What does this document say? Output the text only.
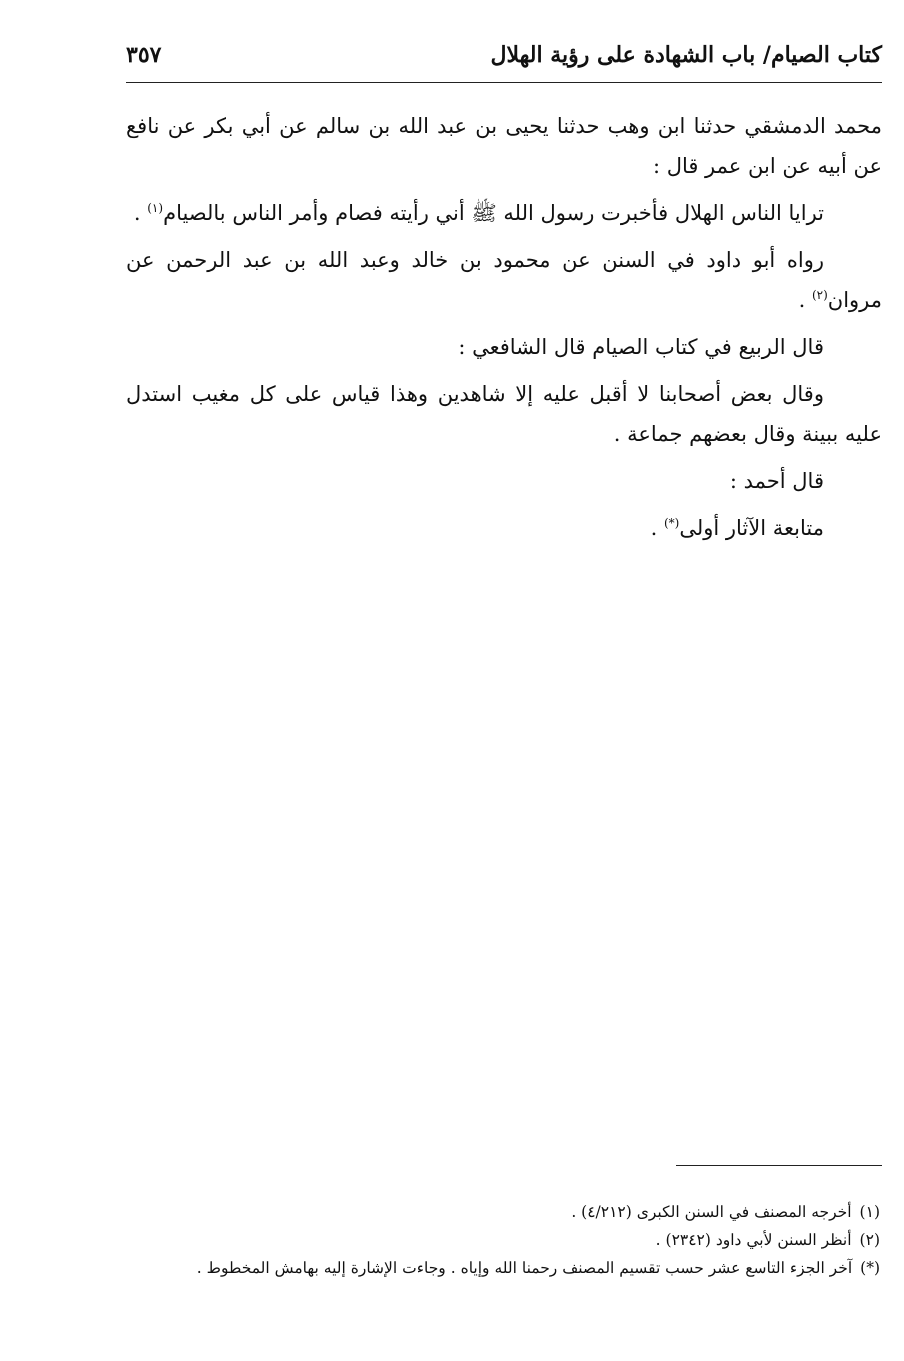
كتاب الصيام/ باب الشهادة على رؤية الهلال
٣٥٧

محمد الدمشقي حدثنا ابن وهب حدثنا يحيى بن عبد الله بن سالم عن أبي بكر عن نافع عن أبيه عن ابن عمر قال :

ترايا الناس الهلال فأخبرت رسول الله ﷺ أني رأيته فصام وأمر الناس بالصيام$^{(١)}$ .

رواه أبو داود في السنن عن محمود بن خالد وعبد الله بن عبد الرحمن عن مروان$^{(٢)}$ .

قال الربيع في كتاب الصيام قال الشافعي :

وقال بعض أصحابنا لا أقبل عليه إلا شاهدين وهذا قياس على كل مغيب استدل عليه ببينة وقال بعضهم جماعة .

قال أحمد :

متابعة الآثار أولى(*) .

(١)أخرجه المصنف في السنن الكبرى (٤/٢١٢) .
(٢)أنظر السنن لأبي داود (٢٣٤٢) .
(*)آخر الجزء التاسع عشر حسب تقسيم المصنف رحمنا الله وإياه . وجاءت الإشارة إليه بهامش المخطوط .
